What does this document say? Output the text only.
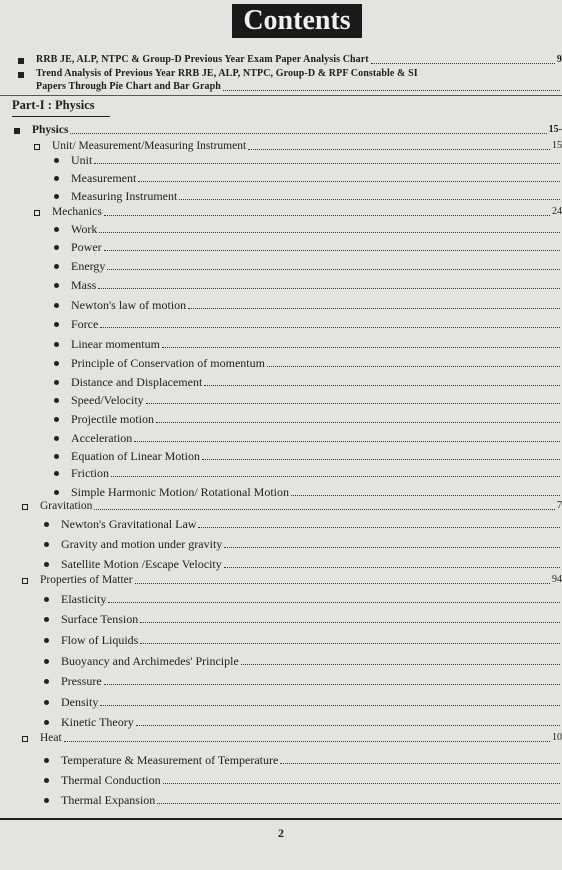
Contents
RRB JE, ALP, NTPC & Group-D Previous Year Exam Paper Analysis Chart	9
Trend Analysis of Previous Year RRB JE, ALP, NTPC, Group-D & RPF Constable & SI
Papers Through Pie Chart and Bar Graph
Part-I : Physics
Physics	15-
Unit/ Measurement/Measuring Instrument	15
Unit
Measurement
Measuring Instrument
Mechanics	24
Work
Power
Energy
Mass
Newton's law of motion
Force
Linear momentum
Principle of Conservation of momentum
Distance and Displacement
Speed/Velocity
Projectile motion
Acceleration
Equation of Linear Motion
Friction
Simple Harmonic Motion/ Rotational Motion
Gravitation	7
Newton's Gravitational Law
Gravity and motion under gravity
Satellite Motion /Escape Velocity
Properties of Matter	94
Elasticity
Surface Tension
Flow of Liquids
Buoyancy and Archimedes' Principle
Pressure
Density
Kinetic Theory
Heat	10
Temperature & Measurement of Temperature
Thermal Conduction
Thermal Expansion
2
